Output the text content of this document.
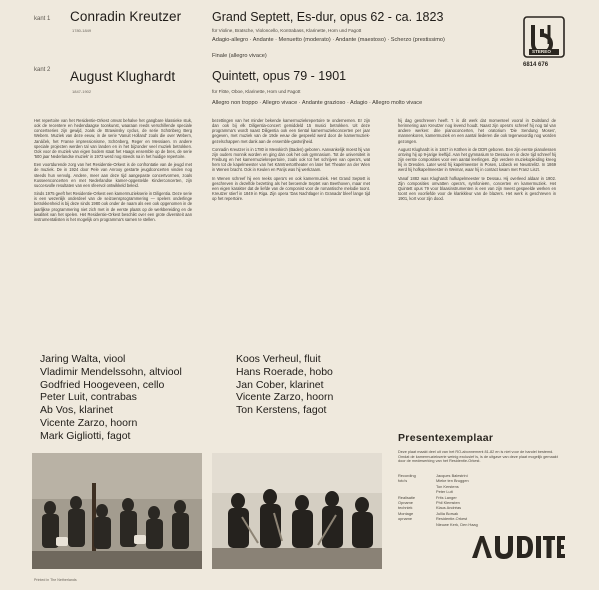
kant 1 Conradin Kreutzer
1780-1849
Grand Septett, Es-dur, opus 62 - ca. 1823
für Violine, Bratsche, Violoncello, Kontrabass, Klarinette, Horn und Fagott
Adagio-allegro · Andante · Menuetto (moderato) · Andante (maestoso) · Scherzo (prestissimo)
Finale (allegro vivace)
kant 2 August Klughardt
1847-1902
Quintett, opus 79 - 1901
für Flöte, Oboe, Klarinette, Horn und Fagott
Allegro non troppo · Allegro vivace · Andante grazioso · Adagio · Allegro molto vivace
STEREO
6814 676

Het repertoire van het Residentie-Orkest omvat behalve het gangbare klassieke stuk, ook de recentere en hedendaagse toonkunst, waaraan reeds verschillende speciale concertseries zijn gewijd, zoals de Strawinsky cyclus, de serie Schönberg Berg Webern. Muziek van deze eeuw, in de serie 'Vanuit Holland' zoals die over Webern, Janáček, het Franse impressionisme, Schönberg, Reger en Messiaen. In andere speciale projecten werden tal van landen en in het bijzonder veel muziek betrokken. Ook voor de muziek van eigen bodem staat het Haags ensemble op de bres, de serie '500 jaar Nederlandse muziek' in 1973 werd nog steeds na in het huidige repertoire.

Een voortdurende zorg van het Residentie-Orkest is de confrontatie van de jeugd met de muziek. De in 1924 door Pele van Anrooy gestarte jeugdconcerten vinden nog steeds hun vervolg. Andere, meer aan deze tijd aangepaste concertvormen, zoals Kusseenconcerten en met Nederlandse kamer-opgestelde Kinderconcerten, zijn succesvolle resultaten van een sfeervol ontwikkeld beleid.

Sinds 1975 geeft het Residentie-Orkest een kamermuziekserie in Diligentia. Deze serie is een wezenlijk onderdeel van de seizoensprogrammering — spelers onderlinge betrokkenheid is bij deze sinds 1980 ook onder de naam als een ook opgenomen in de jaarlijkse programmering niet zich met in de eerste plaats op de werkbereiding en de kwaliteit van het spelen. Het Residentie-Orkest beschikt over een grote diversiteit aan instrumentalisten is het mogelijk om programma's samen te stellen.

bezettingen van het minder bekende kamermuziekrepertoire te ondernemen. Er zijn dan ook bij elk Diligentia-concert gemiddeld 15 musici betrokken. Uit deze programma's wordt naast Diligentia ook een tiental kamermuziekconcerten per jaar gegeven, met muziek van de 19de eeuw die gespeeld werd door de kamermuziek-gezelschappen met dank aan de ensemble-gastvrijheid.

Conradin Kreutzer is in 1780 in Messkirch (Baden) geboren. Aanvankelijk moest hij van zijn ouders monnik worden en ging dan ook het ook gymnasium. Tot de universiteit in Freiburg en het kamermuziekrepertoire, zoals ook tot het schrijven van opera's, wat hem tot de kapelmeester van het Kärntnertortheater en later het Theater an der Wien in Wenen bracht. Ook in Keulen en Parijs was hij werkzaam.

In Wenen schreef hij een reeks opera's en ook kamermuziek. Het Grand Septett is geschreven in dezelfde bezetting als het beroemde Septet van Beethoven, maar met een eigen karakter dat de liefde van de componist voor de romantische melodie toont. Kreutzer stierf in 1849 in Riga. Zijn opera 'Das Nachtlager in Granada' bleef lange tijd op het repertoire.

hij dag geschreven heeft. 't is dit werk dat momenteel vooral in Duitsland de herinnering aan Kreutzer nog levend houdt. Naast zijn opera's schreef hij nog tal van andere werken: drie pianoconcerten, het oratorium 'Die Sendung Moses', mannenkoren, kamermuziek en een aantal liederen die ook tegenwoordig nog worden gezongen.

August Klughardt is in 1847 in Köthen in de DDR geboren. Een zijn eerste pianolessen ontving hij op 9-jarige leeftijd. Aan het gymnasium te Dessau en in deze tijd schreef hij zijn eerste composities voor een aantal leerlingen. Zijn verdere muziekopleiding kreeg hij in Dresden. Later werd hij kapelmeester in Posen, Lübeck en Neustrelitz. In 1869 werd hij hofkapelmeester in Weimar, waar hij in contact kwam met Franz Liszt.

Vanaf 1882 was Klughardt hofkapelmeester te Dessau. Hij overleed aldaar in 1902. Zijn composities omvatten opera's, symfonieën, concerten en kamermuziek. Het Quintett opus 79 voor blaasinstrumenten is een van zijn meest gespeelde werken en toont een voorliefde voor de klankkleur van de blazers. Het werk is geschreven in 1901, kort voor zijn dood.

Jaring Walta, viool
Vladimir Mendelssohn, altviool
Godfried Hoogeveen, cello
Peter Luit, contrabas
Ab Vos, klarinet
Vicente Zarzo, hoorn
Mark Gigliotti, fagot
Koos Verheul, fluit
Hans Roerade, hobo
Jan Cober, klarinet
Vicente Zarzo, hoorn
Ton Kerstens, fagot
Presentexemplaar
Deze plaat maakt deel uit van het RO-abonnement 81-82 en is niet voor de handel bestemd. Omdat de kamermuziekserie weinig exclusief is, is de uitgave van deze plaat mogelijk gemaakt door de medewerking van het Residentie-Orkest.
Recording	Jacques Balestrini
foto's	Mieke ten Bruggen
Ton Kerstens
Peter Luit
Realisatie	Frits Langer
Opname	Phil Klemsten
techniek	Klaus Andréas
Montage	Jullia Borsak
opname	Residentie-Orkest
Nieuwe Kerk, Den Haag
Printed in The Netherlands
